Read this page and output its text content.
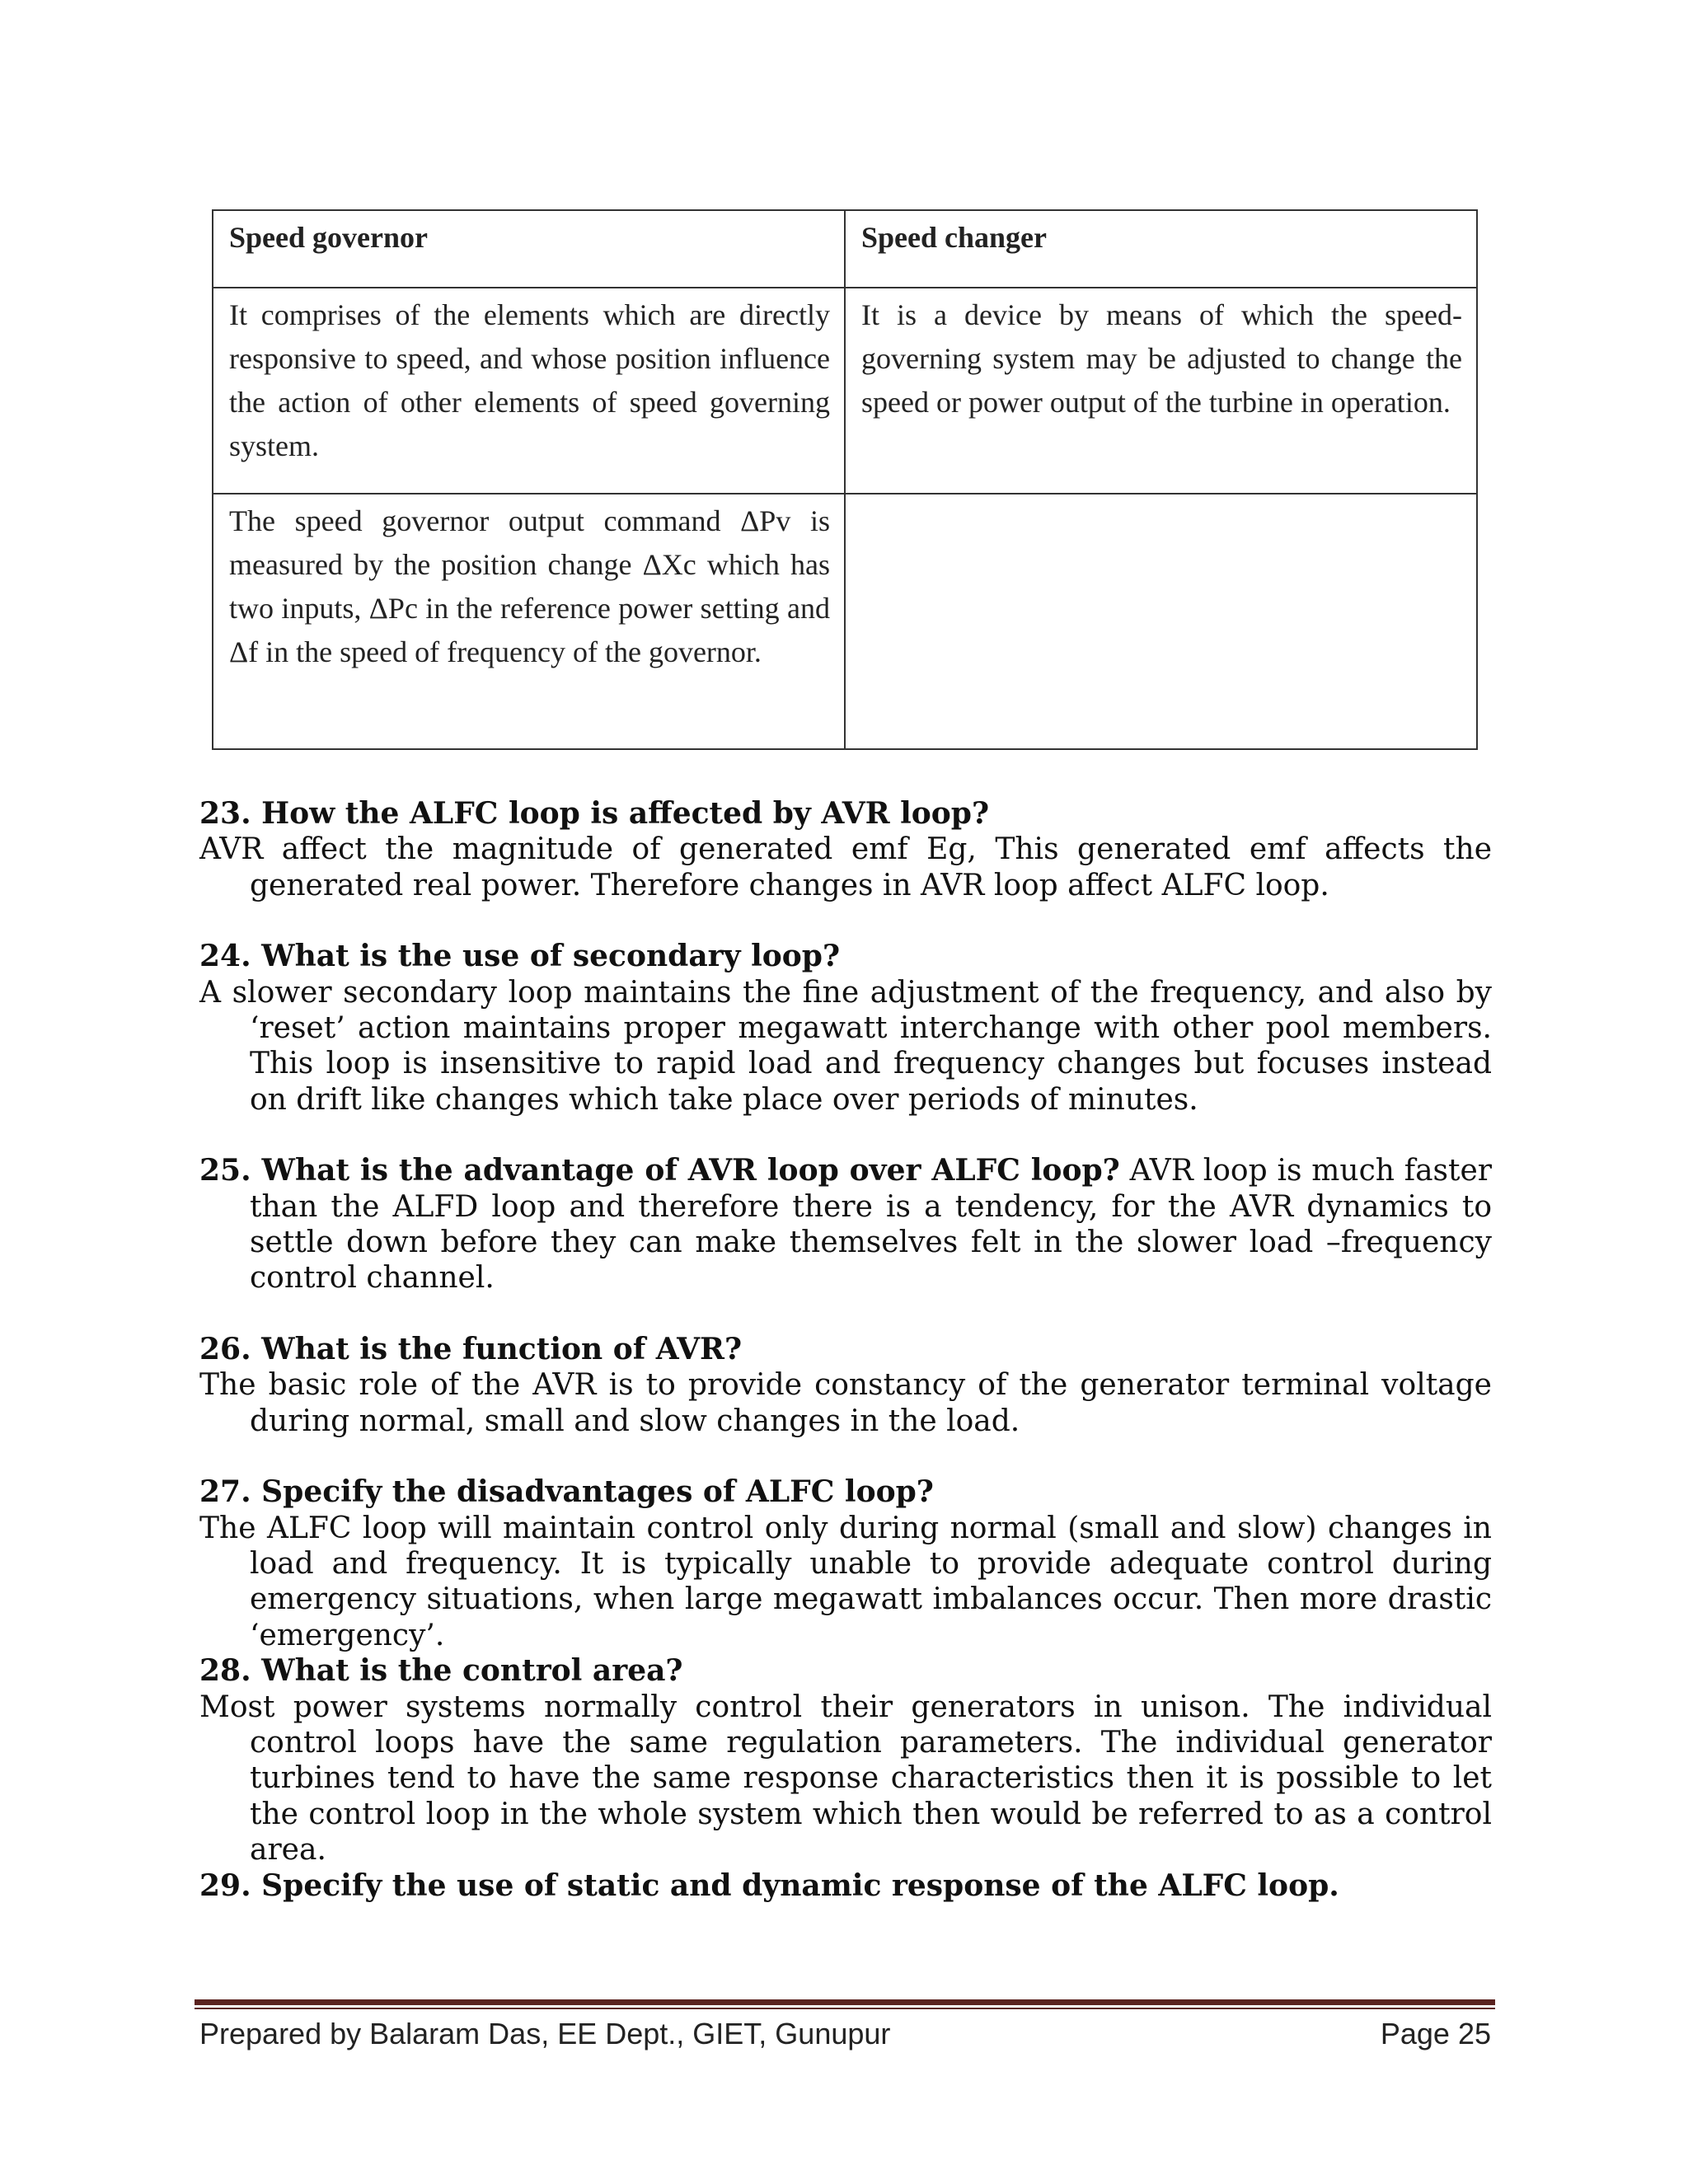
Speed governor	Speed changer
It comprises of the elements which are directly responsive to speed, and whose position influence the action of other elements of speed governing system.	It is a device by means of which the speed-governing system may be adjusted to change the speed or power output of the turbine in operation.
The speed governor output command ΔPv is measured by the position change ΔXc which has two inputs, ΔPc in the reference power setting and Δf in the speed of frequency of the governor.	

23. How the ALFC loop is affected by AVR loop?

AVR affect the magnitude of generated emf Eg, This generated emf affects the generated real power. Therefore changes in AVR loop affect ALFC loop.

24. What is the use of secondary loop?

A slower secondary loop maintains the fine adjustment of the frequency, and also by ‘reset’ action maintains proper megawatt interchange with other pool members. This loop is insensitive to rapid load and frequency changes but focuses instead on drift like changes which take place over periods of minutes.

25. What is the advantage of AVR loop over ALFC loop? AVR loop is much faster than the ALFD loop and therefore there is a tendency, for the AVR dynamics to settle down before they can make themselves felt in the slower load –frequency control channel.

26. What is the function of AVR?

The basic role of the AVR is to provide constancy of the generator terminal voltage during normal, small and slow changes in the load.

27. Specify the disadvantages of ALFC loop?

The ALFC loop will maintain control only during normal (small and slow) changes in load and frequency. It is typically unable to provide adequate control during emergency situations, when large megawatt imbalances occur. Then more drastic ‘emergency’.

28. What is the control area?

Most power systems normally control their generators in unison. The individual control loops have the same regulation parameters. The individual generator turbines tend to have the same response characteristics then it is possible to let the control loop in the whole system which then would be referred to as a control area.

29. Specify the use of static and dynamic response of the ALFC loop.

Prepared by Balaram Das, EE Dept., GIET, Gunupur	Page 25
